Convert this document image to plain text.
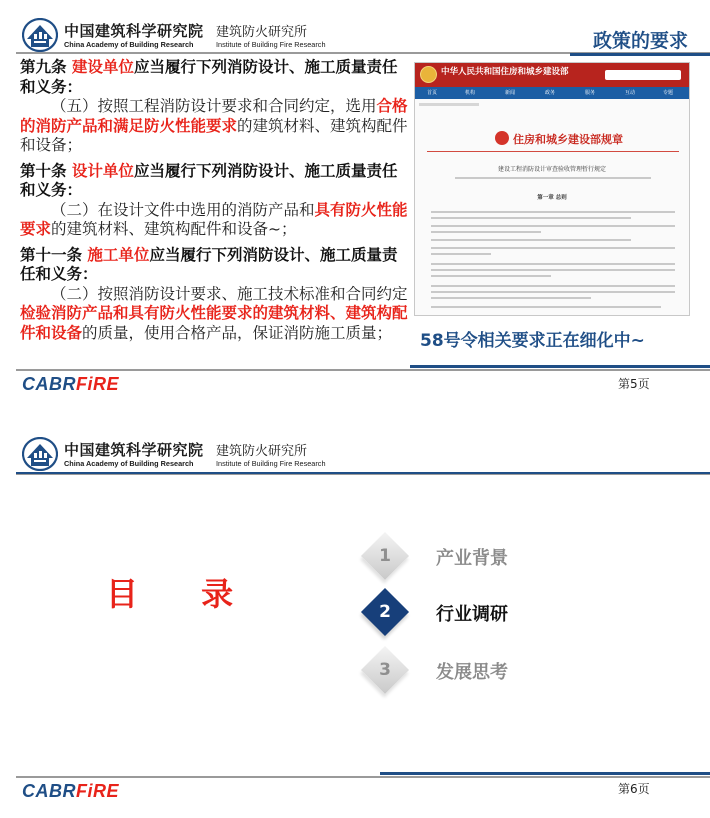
中国建筑科学研究院 建筑防火研究所
China Academy of Building Research	Institute of Building Fire Research	政策的要求

第九条 建设单位应当履行下列消防设计、施工质量责任和义务：

（五）按照工程消防设计要求和合同约定，选用合格的消防产品和满足防火性能要求的建筑材料、建筑构配件和设备；

第十条 设计单位应当履行下列消防设计、施工质量责任和义务：

（二）在设计文件中选用的消防产品和具有防火性能要求的建筑材料、建筑构配件和设备~；

第十一条 施工单位应当履行下列消防设计、施工质量责任和义务：

（二）按照消防设计要求、施工技术标准和合同约定检验消防产品和具有防火性能要求的建筑材料、建筑构配件和设备的质量，使用合格产品，保证消防施工质量；

中华人民共和国住房和城乡建设部
首页	机构	新闻	政务	服务	互动	专题
住房和城乡建设部规章
建设工程消防设计审查验收管理暂行规定
第一章 总则
58号令相关要求正在细化中~
CABRFiRE	第5页
中国建筑科学研究院 建筑防火研究所
China Academy of Building Research	Institute of Building Fire Research
目 录
1	产业背景
2	行业调研
3	发展思考
CABRFiRE	第6页
